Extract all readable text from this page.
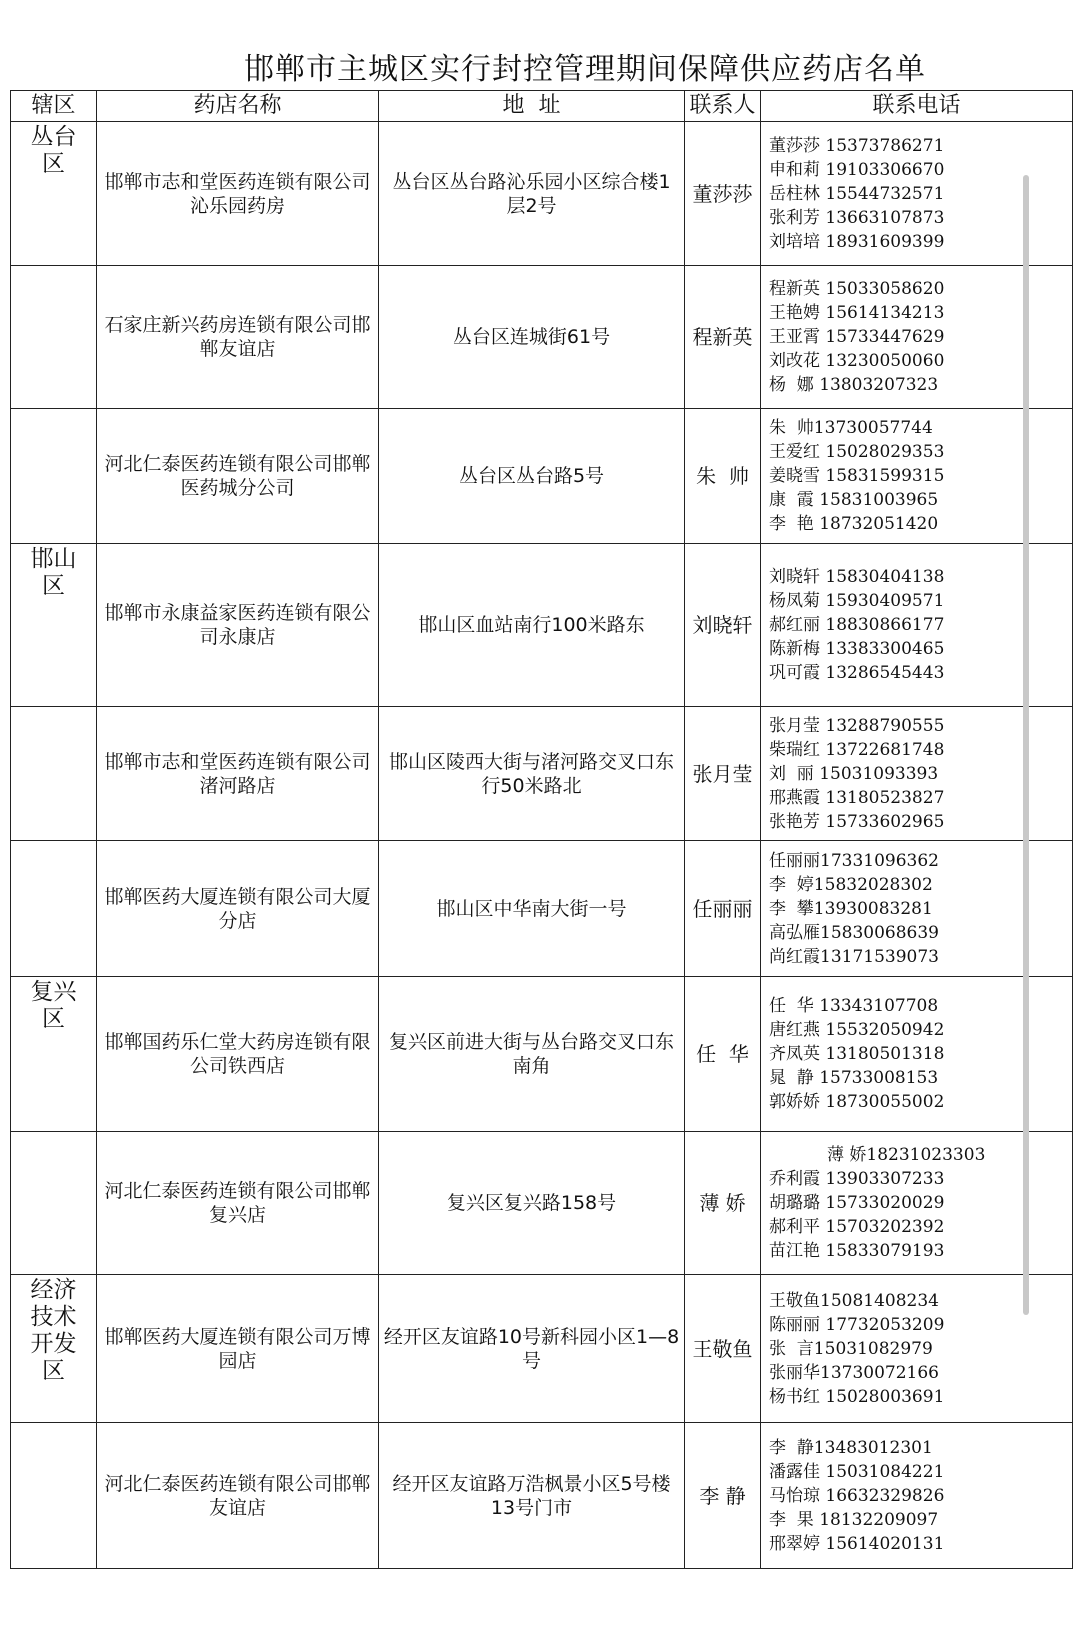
邯郸市主城区实行封控管理期间保障供应药店名单
辖区	药店名称	地  址	联系人	联系电话
丛台区	邯郸市志和堂医药连锁有限公司沁乐园药房	丛台区丛台路沁乐园小区综合楼1层2号	董莎莎	董莎莎 15373786271
申和莉 19103306670
岳柱林 15544732571
张利芳 13663107873
刘培培 18931609399

	石家庄新兴药房连锁有限公司邯郸友谊店	丛台区连城街61号	程新英	程新英 15033058620
王艳娉 15614134213
王亚霄 15733447629
刘改花 13230050060
杨  娜 13803207323

	河北仁泰医药连锁有限公司邯郸医药城分公司	丛台区丛台路5号	朱  帅	朱  帅13730057744
王爱红 15028029353
姜晓雪 15831599315
康  霞 15831003965
李  艳 18732051420

邯山区	邯郸市永康益家医药连锁有限公司永康店	邯山区血站南行100米路东	刘晓轩	刘晓轩 15830404138
杨凤菊 15930409571
郝红丽 18830866177
陈新梅 13383300465
巩可霞 13286545443

	邯郸市志和堂医药连锁有限公司渚河路店	邯山区陵西大街与渚河路交叉口东行50米路北	张月莹	张月莹 13288790555
柴瑞红 13722681748
刘  丽 15031093393
邢燕霞 13180523827
张艳芳 15733602965

	邯郸医药大厦连锁有限公司大厦分店	邯山区中华南大街一号	任丽丽	任丽丽17331096362
李  婷15832028302
李  攀13930083281
高弘雁15830068639
尚红霞13171539073

复兴区	邯郸国药乐仁堂大药房连锁有限公司铁西店	复兴区前进大街与丛台路交叉口东南角	任  华	任  华 13343107708
唐红燕 15532050942
齐凤英 13180501318
晁  静 15733008153
郭娇娇 18730055002

	河北仁泰医药连锁有限公司邯郸复兴店	复兴区复兴路158号	薄 娇	薄 娇18231023303
乔利霞 13903307233
胡璐璐 15733020029
郝利平 15703202392
苗江艳 15833079193

经济技术开发区	邯郸医药大厦连锁有限公司万博园店	经开区友谊路10号新科园小区1—8号	王敬鱼	王敬鱼15081408234
陈丽丽 17732053209
张  言15031082979
张丽华13730072166
杨书红 15028003691

	河北仁泰医药连锁有限公司邯郸友谊店	经开区友谊路万浩枫景小区5号楼13号门市	李 静	李  静13483012301
潘露佳 15031084221
马怡琼 16632329826
李  果 18132209097
邢翠婷 15614020131
